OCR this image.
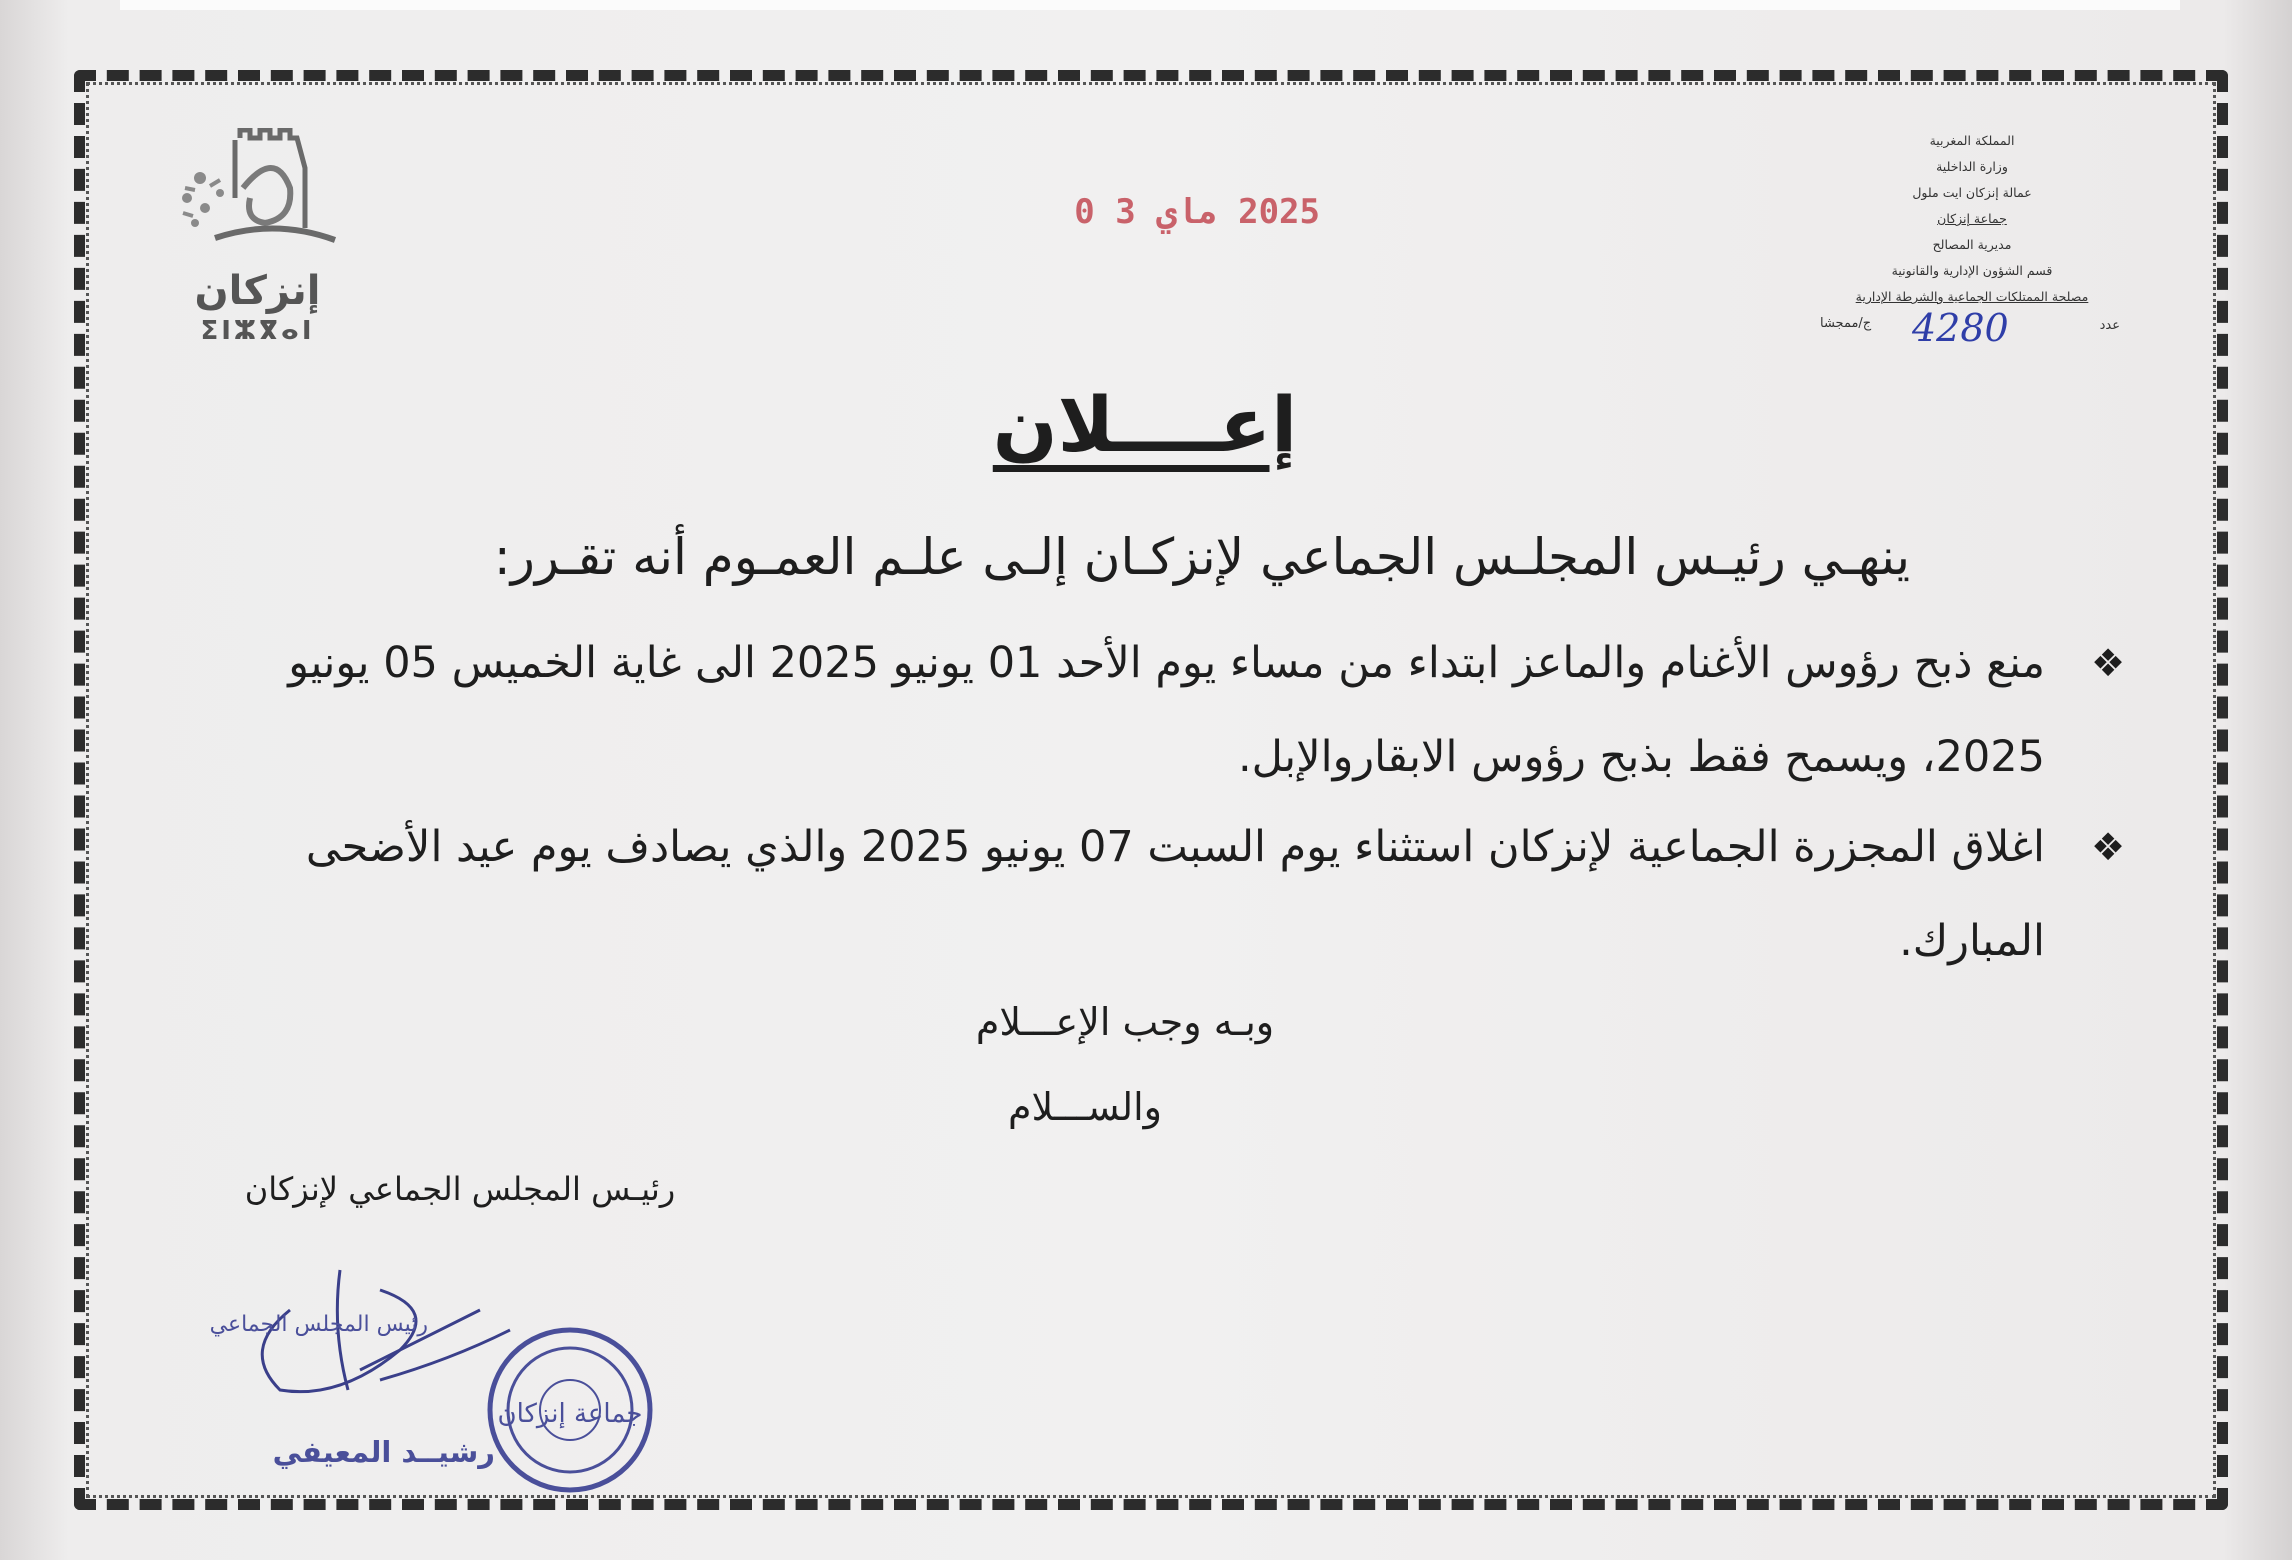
إنزكان
ⵉⵏⵣⴳⴰⵏ
2025 ماي 3 0
المملكة المغربية
وزارة الداخلية
عمالة إنزكان ايت ملول
جماعة إنزكان
مديرية المصالح
قسم الشؤون الإدارية والقانونية
مصلحة الممتلكات الجماعية والشرطة الإدارية
عدد
4280
ج/ممجشا
إعــــلان
ينهـي رئيـس المجلـس الجماعي لإنزكـان إلـى علـم العمـوم أنه تقـرر:
❖
منع ذبح رؤوس الأغنام والماعز ابتداء من مساء يوم الأحد 01 يونيو 2025 الى غاية الخميس 05 يونيو
2025، ويسمح فقط بذبح رؤوس الابقاروالإبل.
❖
اغلاق المجزرة الجماعية لإنزكان استثناء يوم السبت 07 يونيو 2025 والذي يصادف يوم عيد الأضحى
المبارك.
وبـه وجب الإعـــلام
والســـلام
رئيـس المجلس الجماعي لإنزكان
جماعة إنزكان
رئيس المجلس الجماعي
رشيــد المعيفي
